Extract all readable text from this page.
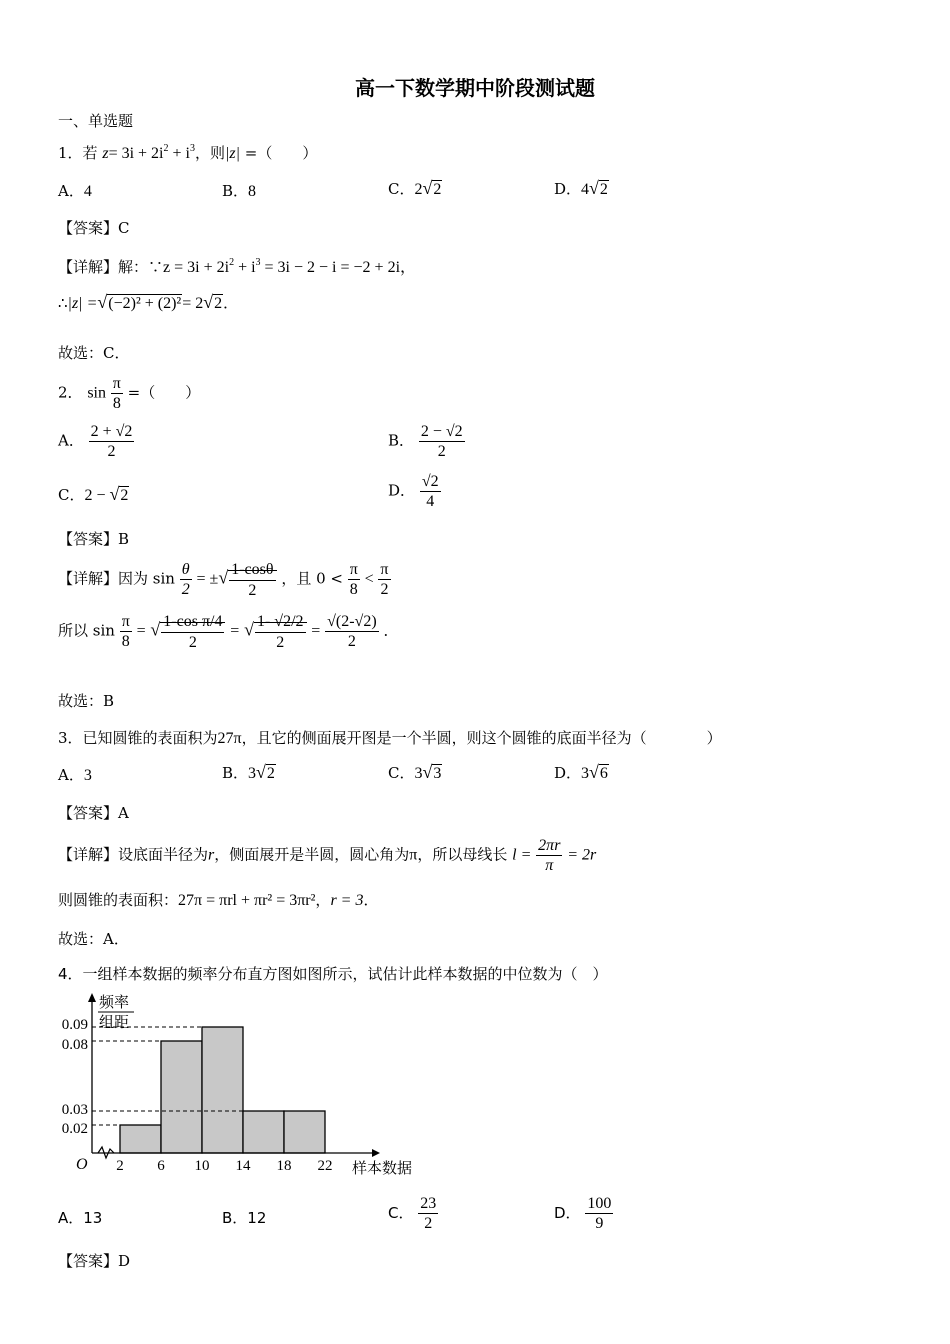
高一下数学期中阶段测试题
一、单选题
1．若 $z= 3i + 2i^2 + i^3$，则|z| =（　　）
A．4	B．8	C．2√2	D．4√2
【答案】C
【详解】解：∵z = $3i + 2i^2 + i^3 = 3i - 2 - i = -2 + 2i$，
∴|z| =√(−2)² + (2)²= 2√2．
故选：C．
2． $\sin \frac{\pi}{8}$ =（　　）
A． $\frac{2 + √2}{2}$	B． $\frac{2 - √2}{2}$
C．2 − √2	D． $\frac{√2}{4}$
【答案】B
【详解】因为 $\sin \frac{\theta}{2}$ = ±√ $\frac{1-\cos\theta}{2}$ ，且 $0 < \frac{\pi}{8} < \frac{\pi}{2}$
所以 $\sin \frac{\pi}{8}$ = √ $\frac{\text{1-cos π/4}}{2}$ = √ $\frac{1- √2/2}{2} = \frac{√(2-√2)}{2}$ ．
故选：B
3．已知圆锥的表面积为27π，且它的侧面展开图是一个半圆，则这个圆锥的底面半径为（　　　　）
A．3	B．3√2	C．3√3	D．3√6
【答案】A
【详解】设底面半径为r，侧面展开是半圆，圆心角为π，所以母线长 $l = \frac{2\pi r}{\pi} = 2r$
则圆锥的表面积：27π = πrl + πr² = 3πr²，r = 3．
故选：A．
4．一组样本数据的频率分布直方图如图所示，试估计此样本数据的中位数为（　）
O 2 6 10 14 18 22
0.02
0.03
0.08
0.09
频率
组距
样本数据
A．13	B．12	C． $\frac{23}{2}$	D． $\frac{100}{9}$
【答案】D
